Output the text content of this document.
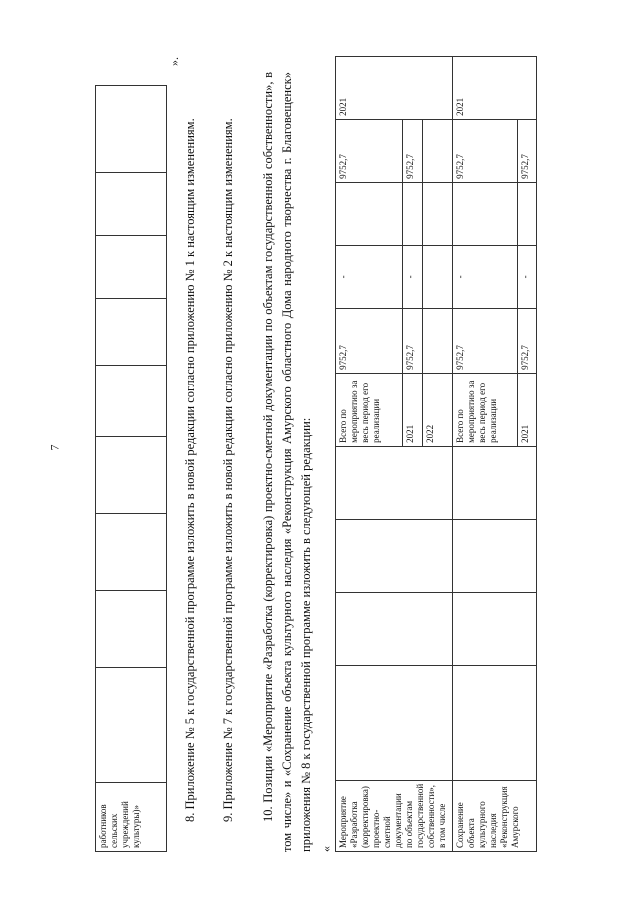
7
работников сельских учреждений культуры)»

».
8. Приложение № 5 к государственной программе изложить в новой редакции согласно приложению № 1 к настоящим изменениям. 9. Приложение № 7 к государственной программе изложить в новой редакции согласно приложению № 2 к настоящим изменениям. 10. Позиции «Мероприятие «Разработка (корректировка) проектно-сметной документации по объектам государственной собственности», в том числе» и «Сохранение объекта культурного наследия «Реконструкция Амурского областного Дома народного творчества г. Благовещенск» приложения № 8 к государственной программе изложить в следующей редакции: «
Мероприятие «Разработка (корректировка) проектно-сметной документации по объектам государственной собственности», в том числе					Всего по мероприятию за весь период его реализации	9752,7	-		9752,7	2021
					2021	9752,7	-		9752,7	
					2022					
Сохранение объекта культурного наследия «Реконструкция Амурского					Всего по мероприятию за весь период его реализации	9752,7	-		9752,7	2021
					2021	9752,7	-		9752,7	
